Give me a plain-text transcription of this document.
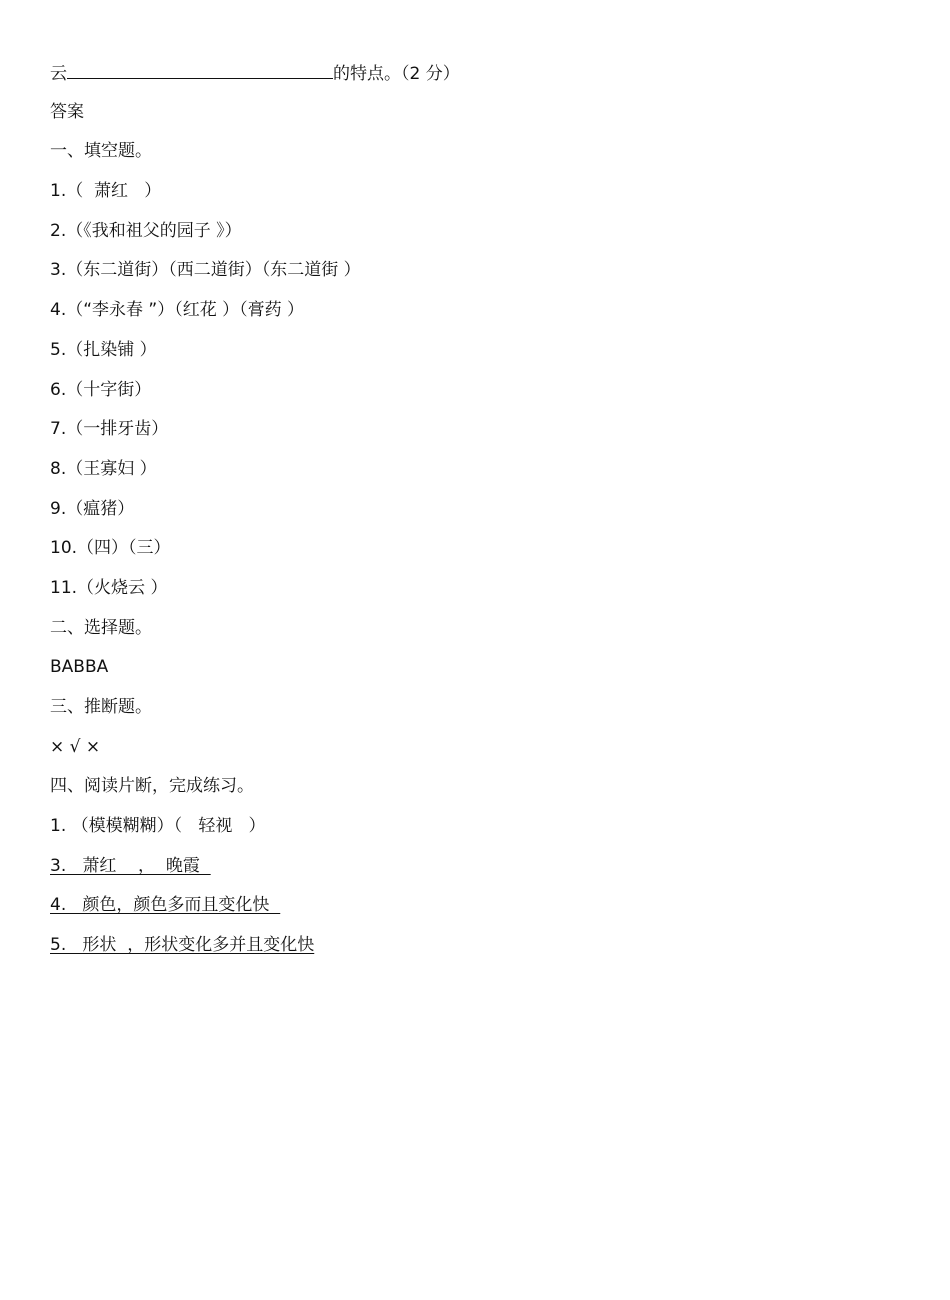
云	的特点。（2 分）
答案
一、填空题。
1.（  萧红   ）
2.（《我和祖父的园子 》）
3.（东二道街）（西二道街）（东二道街 ）
4.（“李永春 ”）（红花 ）（膏药 ）
5.（扎染铺 ）
6.（十字街）
7.（一排牙齿）
8.（王寡妇 ）
9.（瘟猪）
10.（四）（三）
11.（火烧云 ）
二、选择题。
BABBA
三、推断题。
× √ ×
四、阅读片断，完成练习。
1. （模模糊糊）（   轻视   ）
3.   萧红    ，  晚霞
4.   颜色，颜色多而且变化快
5.   形状  ，形状变化多并且变化快
